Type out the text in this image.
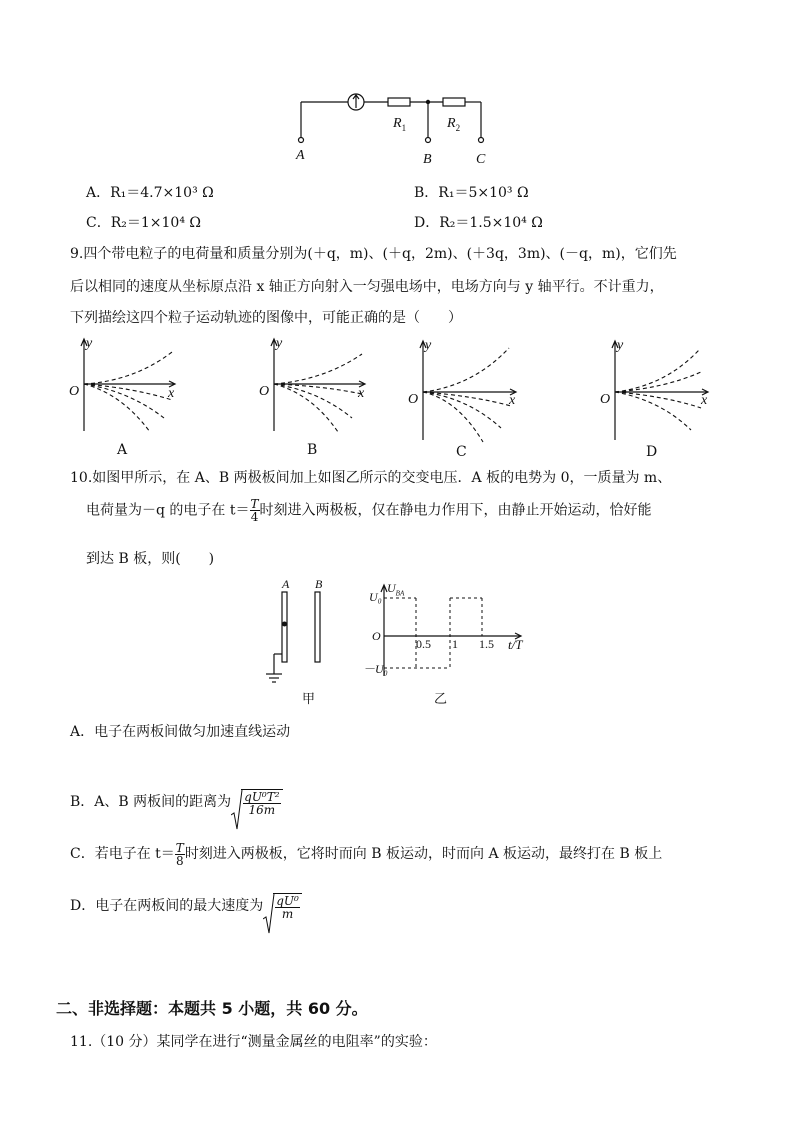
$R_1$	$R_2$
A	B	C
A．R₁＝4.7×10³ Ω	B．R₁＝5×10³ Ω
C．R₂＝1×10⁴ Ω	D．R₂＝1.5×10⁴ Ω
9.四个带电粒子的电荷量和质量分别为(＋q，m)、(＋q，2m)、(＋3q，3m)、(－q，m)，它们先
后以相同的速度从坐标原点沿 x 轴正方向射入一匀强电场中，电场方向与 y 轴平行。不计重力，
下列描绘这四个粒子运动轨迹的图像中，可能正确的是（　　）
y
x
O
A
y
x
O
B
y
x
O
C
y
x
O
D
10.如图甲所示，在 A、B 两极板间加上如图乙所示的交变电压．A 板的电势为 0，一质量为 m、
电荷量为－q 的电子在 $t= \frac{T}{4}$ 时刻进入两极板，仅在静电力作用下，由静止开始运动，恰好能
到达 B 板，则(　　)
A B
甲
U₀
－U₀
O
$U_{BA}$
0.5 1 1.5 t/T
乙
A．电子在两板间做匀加速直线运动
B．A、B 两板间的距离为 $\frac{\text{qU⁰T²}}{16m}$
C．若电子在 $t= \frac{T}{8}$ 时刻进入两极板，它将时而向 B 板运动，时而向 A 板运动，最终打在 B 板上
D．电子在两板间的最大速度为 $\frac{\text{qU⁰}}{m}$
二、非选择题：本题共 5 小题，共 60 分。
11.（10 分）某同学在进行“测量金属丝的电阻率”的实验：
